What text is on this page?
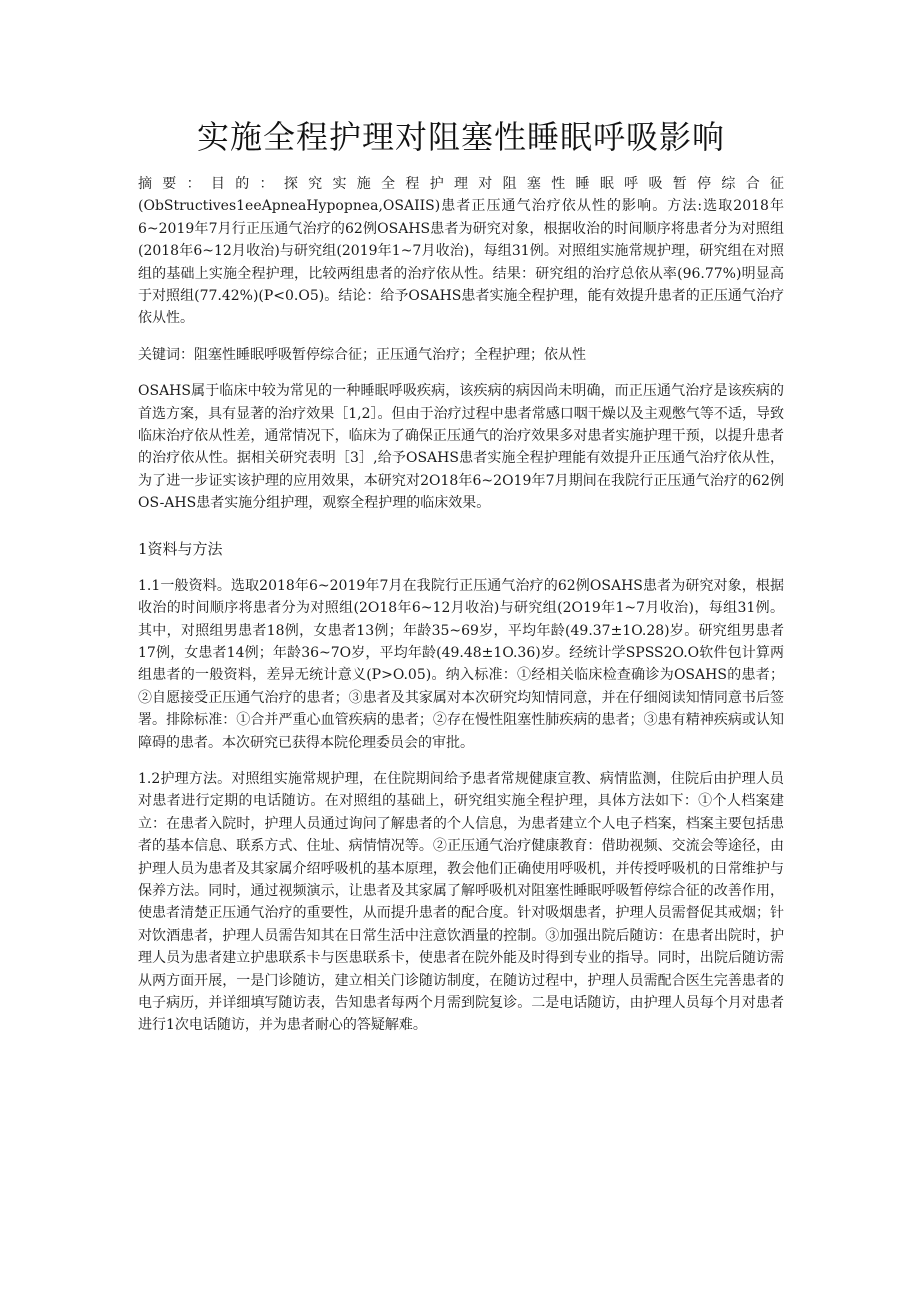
实施全程护理对阻塞性睡眠呼吸影响

摘要：目的：探究实施全程护理对阻塞性睡眠呼吸暂停综合征(ObStructives1eeApneaHypopnea,OSAIIS)患者正压通气治疗依从性的影响。方法:选取2018年6~2019年7月行正压通气治疗的62例OSAHS患者为研究对象，根据收治的时间顺序将患者分为对照组(2018年6~12月收治)与研究组(2019年1~7月收治)，每组31例。对照组实施常规护理，研究组在对照组的基础上实施全程护理，比较两组患者的治疗依从性。结果：研究组的治疗总依从率(96.77%)明显高于对照组(77.42%)(P<0.O5)。结论：给予OSAHS患者实施全程护理，能有效提升患者的正压通气治疗依从性。

关键词：阻塞性睡眠呼吸暂停综合征；正压通气治疗；全程护理；依从性

OSAHS属于临床中较为常见的一种睡眠呼吸疾病，该疾病的病因尚未明确，而正压通气治疗是该疾病的首选方案，具有显著的治疗效果［1,2］。但由于治疗过程中患者常感口咽干燥以及主观憋气等不适，导致临床治疗依从性差，通常情况下，临床为了确保正压通气的治疗效果多对患者实施护理干预，以提升患者的治疗依从性。据相关研究表明［3］,给予OSAHS患者实施全程护理能有效提升正压通气治疗依从性，为了进一步证实该护理的应用效果，本研究对2O18年6~2O19年7月期间在我院行正压通气治疗的62例OS-AHS患者实施分组护理，观察全程护理的临床效果。

1资料与方法

1.1一般资料。选取2018年6~2019年7月在我院行正压通气治疗的62例OSAHS患者为研究对象，根据收治的时间顺序将患者分为对照组(2O18年6~12月收治)与研究组(2O19年1~7月收治)，每组31例。其中，对照组男患者18例，女患者13例；年龄35~69岁，平均年龄(49.37±1O.28)岁。研究组男患者17例，女患者14例；年龄36~7O岁，平均年龄(49.48±1O.36)岁。经统计学SPSS2O.O软件包计算两组患者的一般资料，差异无统计意义(P>O.05)。纳入标准：①经相关临床检查确诊为OSAHS的患者；②自愿接受正压通气治疗的患者；③患者及其家属对本次研究均知情同意，并在仔细阅读知情同意书后签署。排除标准：①合并严重心血管疾病的患者；②存在慢性阻塞性肺疾病的患者；③患有精神疾病或认知障碍的患者。本次研究已获得本院伦理委员会的审批。

1.2护理方法。对照组实施常规护理，在住院期间给予患者常规健康宣教、病情监测，住院后由护理人员对患者进行定期的电话随访。在对照组的基础上，研究组实施全程护理，具体方法如下：①个人档案建立：在患者入院时，护理人员通过询问了解患者的个人信息，为患者建立个人电子档案，档案主要包括患者的基本信息、联系方式、住址、病情情况等。②正压通气治疗健康教育：借助视频、交流会等途径，由护理人员为患者及其家属介绍呼吸机的基本原理，教会他们正确使用呼吸机，并传授呼吸机的日常维护与保养方法。同时，通过视频演示，让患者及其家属了解呼吸机对阻塞性睡眠呼吸暂停综合征的改善作用，使患者清楚正压通气治疗的重要性，从而提升患者的配合度。针对吸烟患者，护理人员需督促其戒烟；针对饮酒患者，护理人员需告知其在日常生活中注意饮酒量的控制。③加强出院后随访：在患者出院时，护理人员为患者建立护患联系卡与医患联系卡，使患者在院外能及时得到专业的指导。同时，出院后随访需从两方面开展，一是门诊随访，建立相关门诊随访制度，在随访过程中，护理人员需配合医生完善患者的电子病历，并详细填写随访表，告知患者每两个月需到院复诊。二是电话随访，由护理人员每个月对患者进行1次电话随访，并为患者耐心的答疑解难。
